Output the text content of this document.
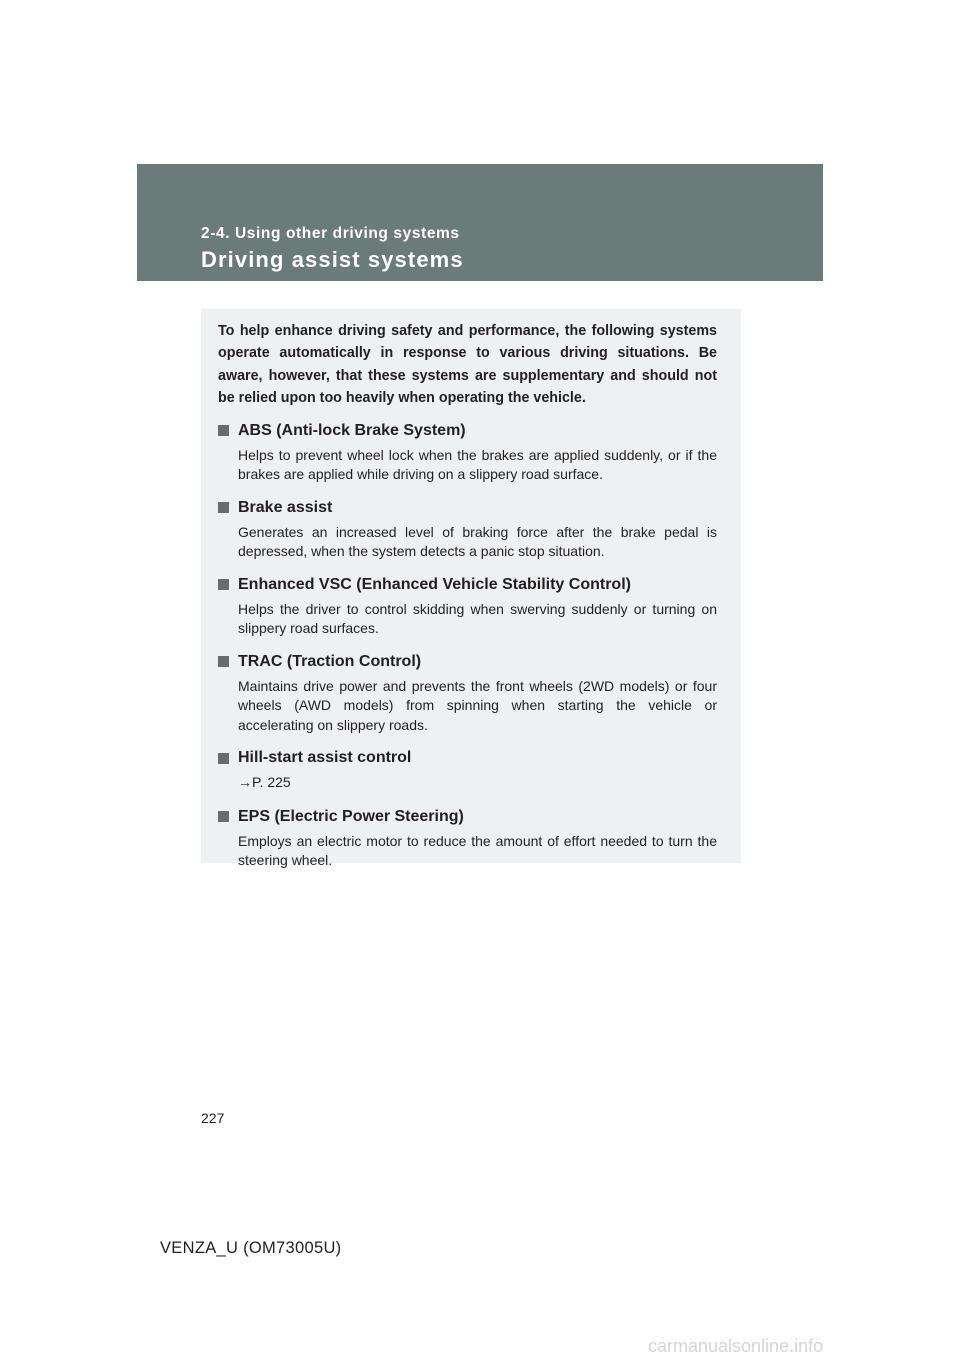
2-4. Using other driving systems
Driving assist systems

To help enhance driving safety and performance, the following systems operate automatically in response to various driving situations. Be aware, however, that these systems are supplementary and should not be relied upon too heavily when operating the vehicle.

ABS (Anti-lock Brake System)
Helps to prevent wheel lock when the brakes are applied suddenly, or if the brakes are applied while driving on a slippery road surface.
Brake assist
Generates an increased level of braking force after the brake pedal is depressed, when the system detects a panic stop situation.
Enhanced VSC (Enhanced Vehicle Stability Control)
Helps the driver to control skidding when swerving suddenly or turning on slippery road surfaces.
TRAC (Traction Control)
Maintains drive power and prevents the front wheels (2WD models) or four wheels (AWD models) from spinning when starting the vehicle or accelerating on slippery roads.
Hill-start assist control
→P. 225
EPS (Electric Power Steering)
Employs an electric motor to reduce the amount of effort needed to turn the steering wheel.
227
VENZA_U (OM73005U)
carmanualsonline.info
